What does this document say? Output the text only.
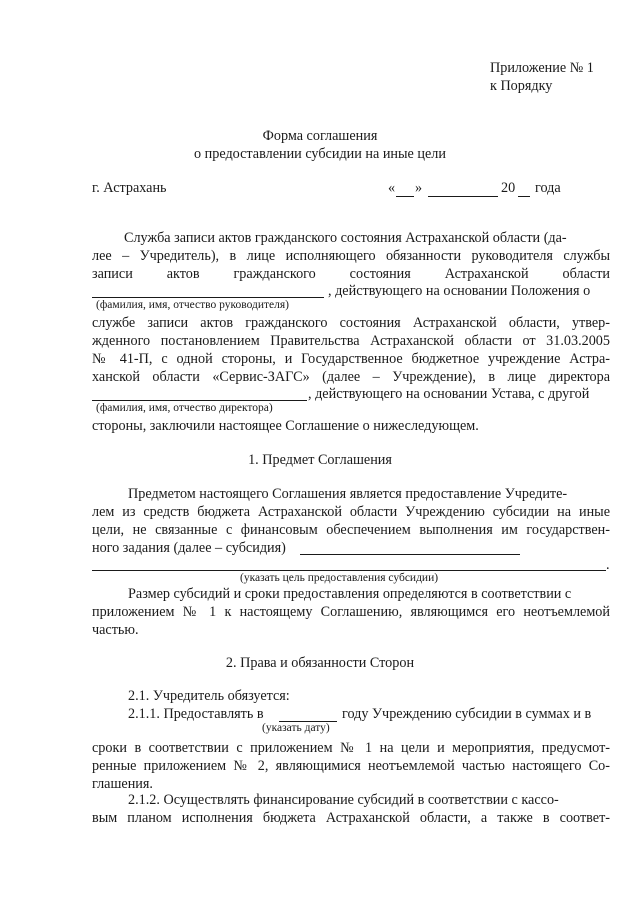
Приложение № 1
к Порядку
Форма соглашения
о предоставлении субсидии на иные цели
г. Астрахань	« »	20 года
Служба записи актов гражданского состояния Астраханской области (да-
лее – Учредитель), в лице исполняющего обязанности руководителя службы
записи актов гражданского состояния Астраханской области
, действующего на основании Положения о
(фамилия, имя, отчество руководителя)
службе записи актов гражданского состояния Астраханской области, утвер-
жденного постановлением Правительства Астраханской области от 31.03.2005
№ 41-П, с одной стороны, и Государственное бюджетное учреждение Астра-
ханской области «Сервис-ЗАГС» (далее – Учреждение), в лице директора
, действующего на основании Устава, с другой
(фамилия, имя, отчество директора)
стороны, заключили настоящее Соглашение о нижеследующем.
1. Предмет Соглашения
Предметом настоящего Соглашения является предоставление Учредите-
лем из средств бюджета Астраханской области Учреждению субсидии на иные
цели, не связанные с финансовым обеспечением выполнения им государствен-
ного задания (далее – субсидия)
.
(указать цель предоставления субсидии)
Размер субсидий и сроки предоставления определяются в соответствии с
приложением № 1 к настоящему Соглашению, являющимся его неотъемлемой
частью.
2. Права и обязанности Сторон
2.1. Учредитель обязуется:
2.1.1. Предоставлять в	году Учреждению субсидии в суммах и в
(указать дату)
сроки в соответствии с приложением № 1 на цели и мероприятия, предусмот-
ренные приложением № 2, являющимися неотъемлемой частью настоящего Со-
глашения.
2.1.2. Осуществлять финансирование субсидий в соответствии с кассо-
вым планом исполнения бюджета Астраханской области, а также в соответ-
